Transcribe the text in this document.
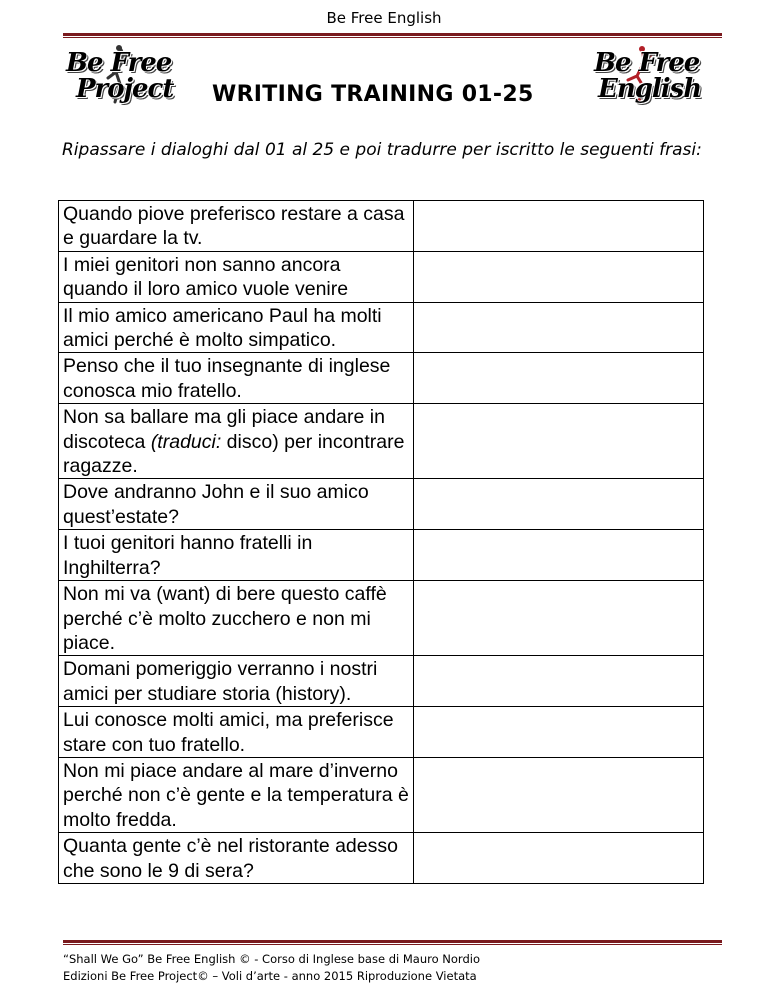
Be Free English
Be Free
Project WRITING TRAINING 01-25
Be Free
English
Ripassare i dialoghi dal 01 al 25 e poi tradurre per iscritto le seguenti frasi:
Quando piove preferisco restare a casa e guardare la tv.	
I miei genitori non sanno ancora quando il loro amico vuole venire	
Il mio amico americano Paul ha molti amici perché è molto simpatico.	
Penso che il tuo insegnante di inglese conosca mio fratello.	
Non sa ballare ma gli piace andare in discoteca (traduci: disco) per incontrare ragazze.	
Dove andranno John e il suo amico quest’estate?	
I tuoi genitori hanno fratelli in Inghilterra?	
Non mi va (want) di bere questo caffè perché c’è molto zucchero e non mi piace.	
Domani pomeriggio verranno i nostri amici per studiare storia (history).	
Lui conosce molti amici, ma preferisce stare con tuo fratello.	
Non mi piace andare al mare d’inverno perché non c’è gente e la temperatura è molto fredda.	
Quanta gente c’è nel ristorante adesso che sono le 9 di sera?	
“Shall We Go” Be Free English © - Corso di Inglese base di Mauro Nordio
Edizioni Be Free Project© – Voli d’arte - anno 2015 Riproduzione Vietata
